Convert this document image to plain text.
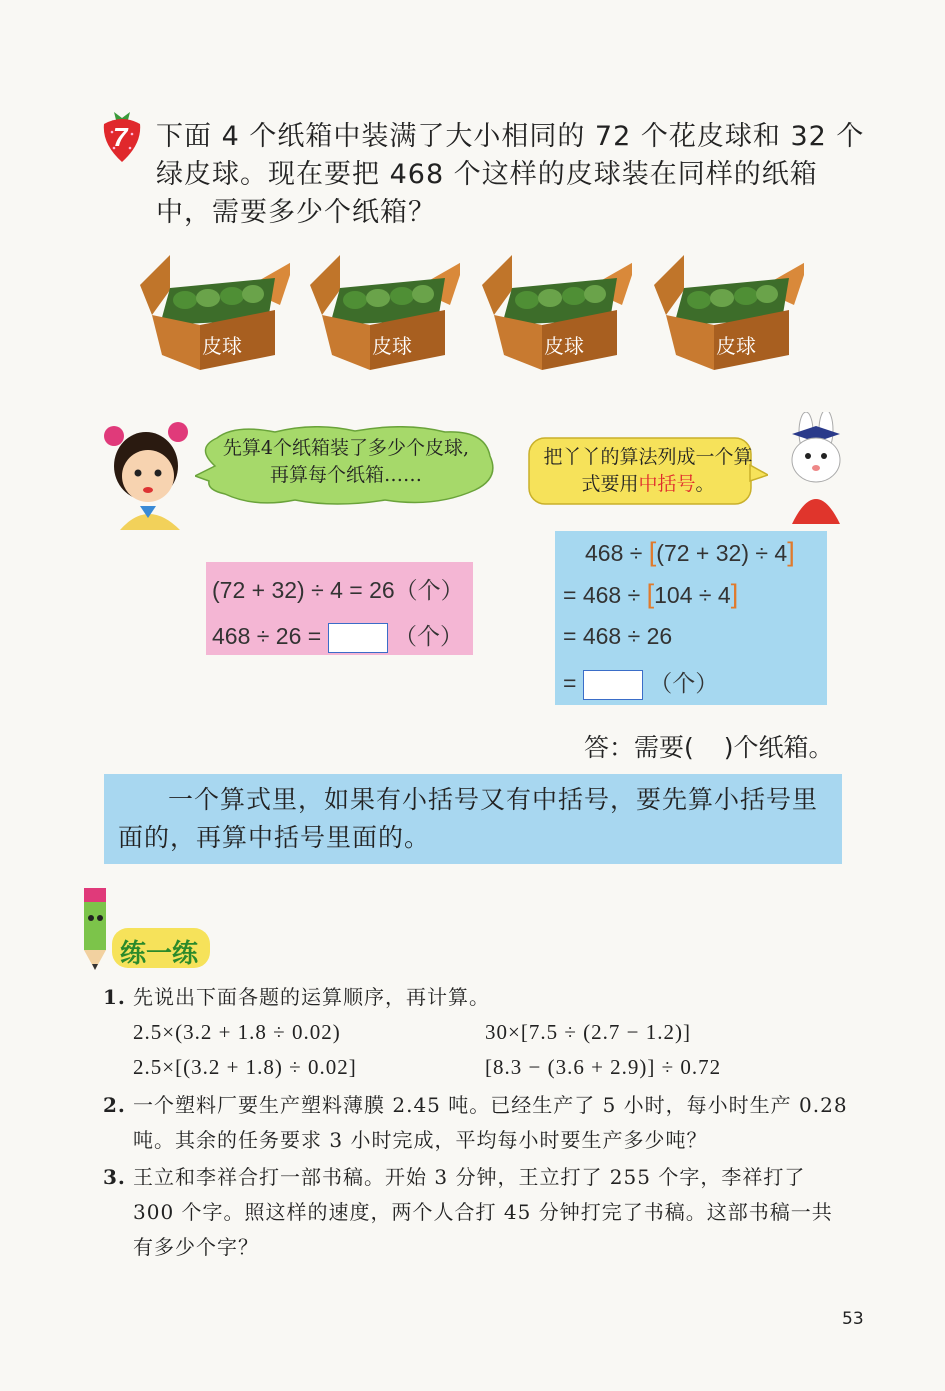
7 下面 4 个纸箱中装满了大小相同的 72 个花皮球和 32 个绿皮球。现在要把 468 个这样的皮球装在同样的纸箱中，需要多少个纸箱？
皮球	皮球	皮球	皮球
先算4个纸箱装了多少个皮球,再算每个纸箱……
把丫丫的算法列成一个算式要用中括号。
(72 + 32) ÷ 4 = 26（个）
468 ÷ 26 =	（个）
468 ÷ [(72 + 32) ÷ 4]
= 468 ÷ [104 ÷ 4]
= 468 ÷ 26
=	（个）
答：需要( )个纸箱。
一个算式里，如果有小括号又有中括号，要先算小括号里面的，再算中括号里面的。
练一练
1. 先说出下面各题的运算顺序，再计算。
2.5×(3.2 + 1.8 ÷ 0.02)	30×[7.5 ÷ (2.7 − 1.2)]
2.5×[(3.2 + 1.8) ÷ 0.02]	[8.3 − (3.6 + 2.9)] ÷ 0.72
2. 一个塑料厂要生产塑料薄膜 2.45 吨。已经生产了 5 小时，每小时生产 0.28 吨。其余的任务要求 3 小时完成，平均每小时要生产多少吨？
3. 王立和李祥合打一部书稿。开始 3 分钟，王立打了 255 个字，李祥打了 300 个字。照这样的速度，两个人合打 45 分钟打完了书稿。这部书稿一共有多少个字？
53
